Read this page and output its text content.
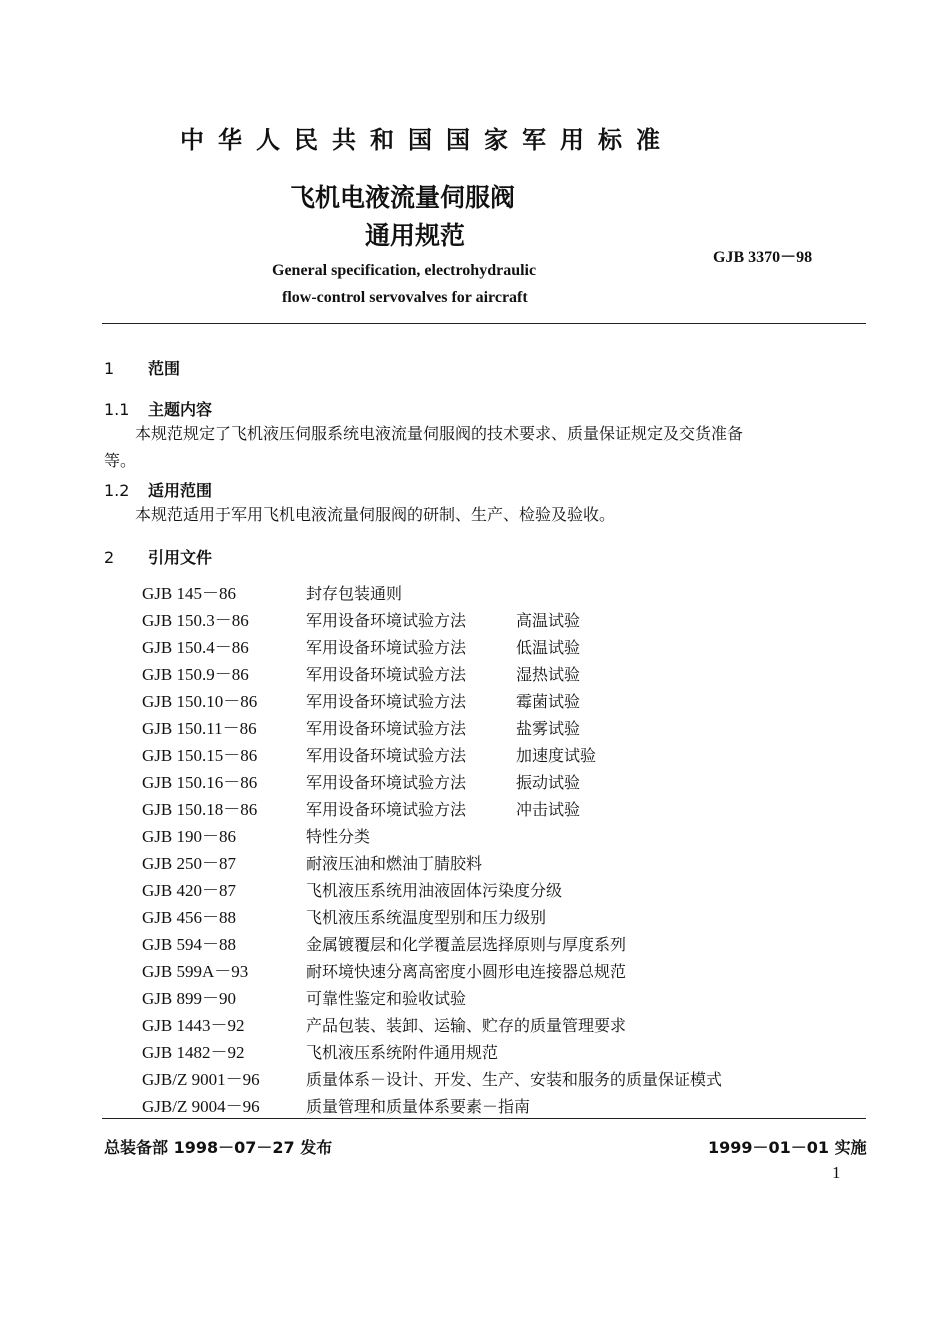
中华人民共和国国家军用标准
飞机电液流量伺服阀
通用规范
GJB 3370－98
General specification, electrohydraulic
flow-control servovalves for aircraft
1 范围
1.1 主题内容
本规范规定了飞机液压伺服系统电液流量伺服阀的技术要求、质量保证规定及交货准备
等。
1.2 适用范围
本规范适用于军用飞机电液流量伺服阀的研制、生产、检验及验收。
2 引用文件
GJB 145－86	封存包装通则
GJB 150.3－86	军用设备环境试验方法	高温试验
GJB 150.4－86	军用设备环境试验方法	低温试验
GJB 150.9－86	军用设备环境试验方法	湿热试验
GJB 150.10－86	军用设备环境试验方法	霉菌试验
GJB 150.11－86	军用设备环境试验方法	盐雾试验
GJB 150.15－86	军用设备环境试验方法	加速度试验
GJB 150.16－86	军用设备环境试验方法	振动试验
GJB 150.18－86	军用设备环境试验方法	冲击试验
GJB 190－86	特性分类
GJB 250－87	耐液压油和燃油丁腈胶料
GJB 420－87	飞机液压系统用油液固体污染度分级
GJB 456－88	飞机液压系统温度型别和压力级别
GJB 594－88	金属镀覆层和化学覆盖层选择原则与厚度系列
GJB 599A－93	耐环境快速分离高密度小圆形电连接器总规范
GJB 899－90	可靠性鉴定和验收试验
GJB 1443－92	产品包装、装卸、运输、贮存的质量管理要求
GJB 1482－92	飞机液压系统附件通用规范
GJB/Z 9001－96	质量体系－设计、开发、生产、安装和服务的质量保证模式
GJB/Z 9004－96	质量管理和质量体系要素－指南
总装备部 1998－07－27 发布	1999－01－01 实施
1
